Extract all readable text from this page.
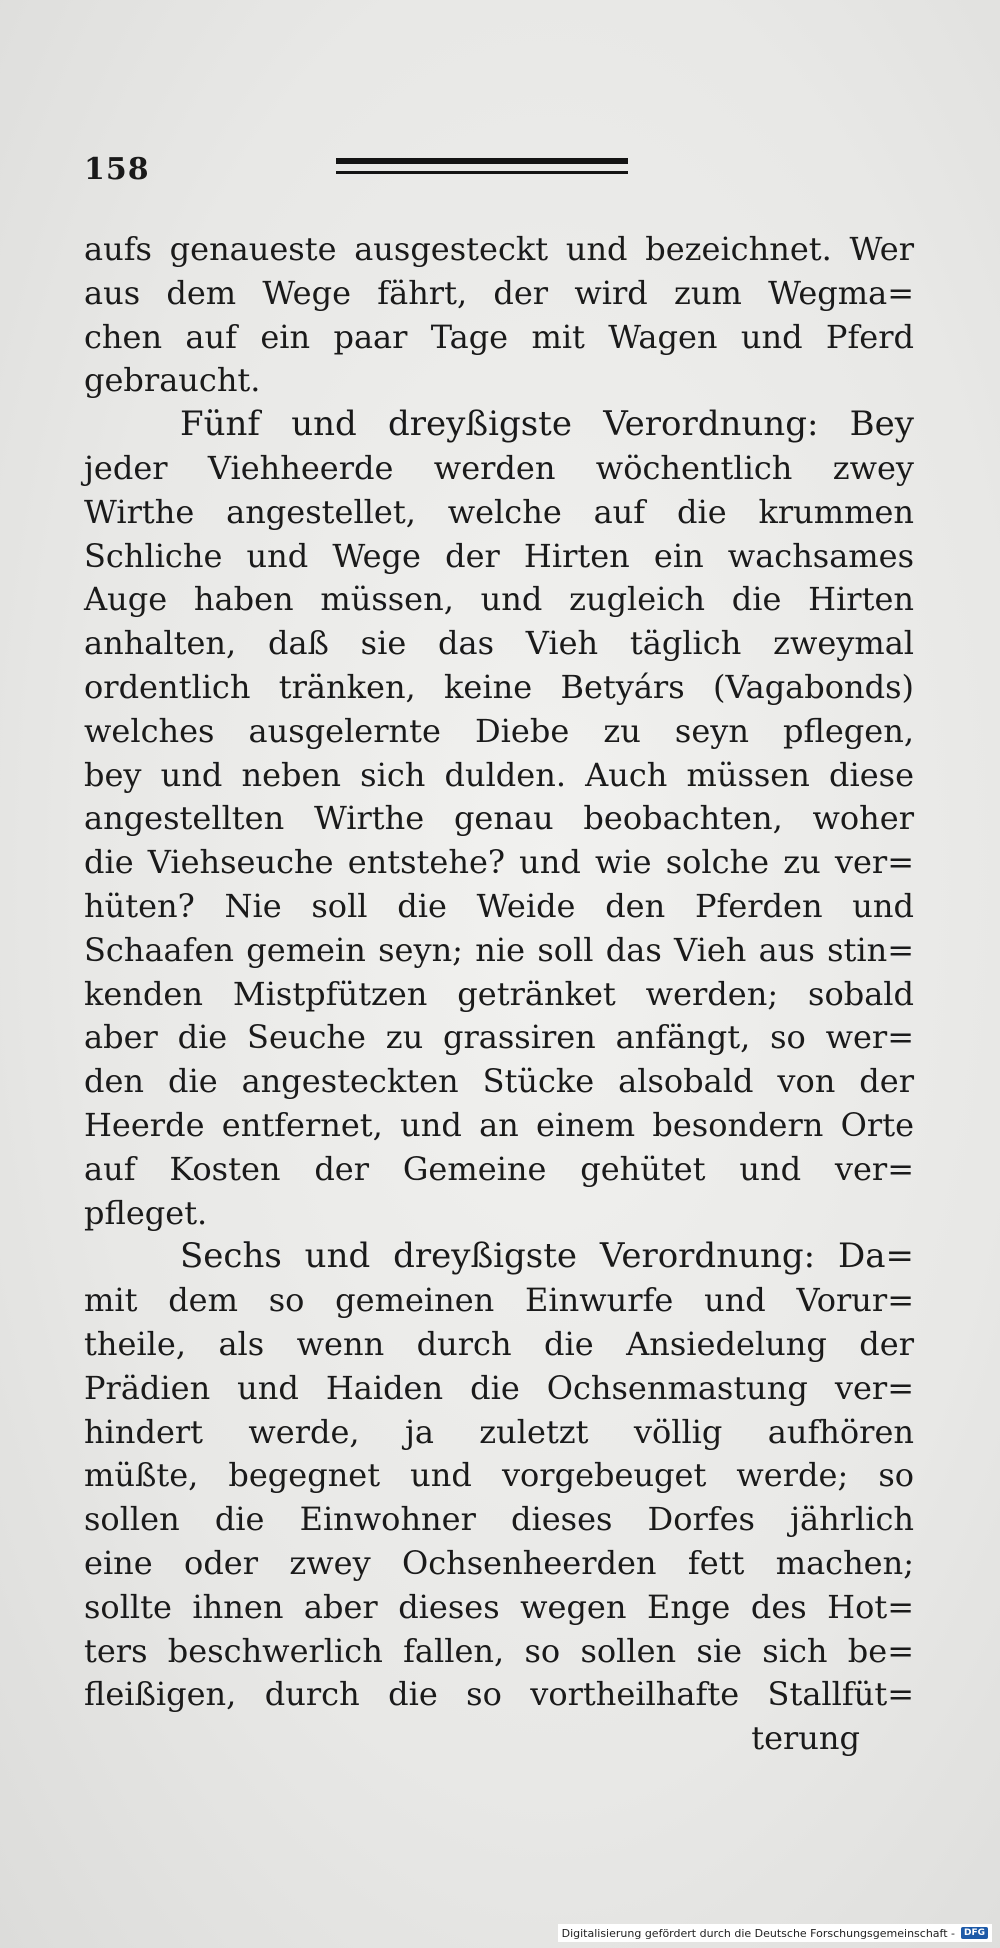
158
aufs genaueste ausgesteckt und bezeichnet. Wer
aus dem Wege fährt, der wird zum Wegma=
chen auf ein paar Tage mit Wagen und Pferd
gebraucht.
Fünf und dreyßigste Verordnung: Bey
jeder Viehheerde werden wöchentlich zwey
Wirthe angestellet, welche auf die krummen
Schliche und Wege der Hirten ein wachsames
Auge haben müssen, und zugleich die Hirten
anhalten, daß sie das Vieh täglich zweymal
ordentlich tränken, keine Betyárs (Vagabonds)
welches ausgelernte Diebe zu seyn pflegen,
bey und neben sich dulden. Auch müssen diese
angestellten Wirthe genau beobachten, woher
die Viehseuche entstehe? und wie solche zu ver=
hüten? Nie soll die Weide den Pferden und
Schaafen gemein seyn; nie soll das Vieh aus stin=
kenden Mistpfützen getränket werden; sobald
aber die Seuche zu grassiren anfängt, so wer=
den die angesteckten Stücke alsobald von der
Heerde entfernet, und an einem besondern Orte
auf Kosten der Gemeine gehütet und ver=
pfleget.
Sechs und dreyßigste Verordnung: Da=
mit dem so gemeinen Einwurfe und Vorur=
theile, als wenn durch die Ansiedelung der
Prädien und Haiden die Ochsenmastung ver=
hindert werde, ja zuletzt völlig aufhören
müßte, begegnet und vorgebeuget werde; so
sollen die Einwohner dieses Dorfes jährlich
eine oder zwey Ochsenheerden fett machen;
sollte ihnen aber dieses wegen Enge des Hot=
ters beschwerlich fallen, so sollen sie sich be=
fleißigen, durch die so vortheilhafte Stallfüt=
terung
Digitalisierung gefördert durch die Deutsche Forschungsgemeinschaft -	DFG
